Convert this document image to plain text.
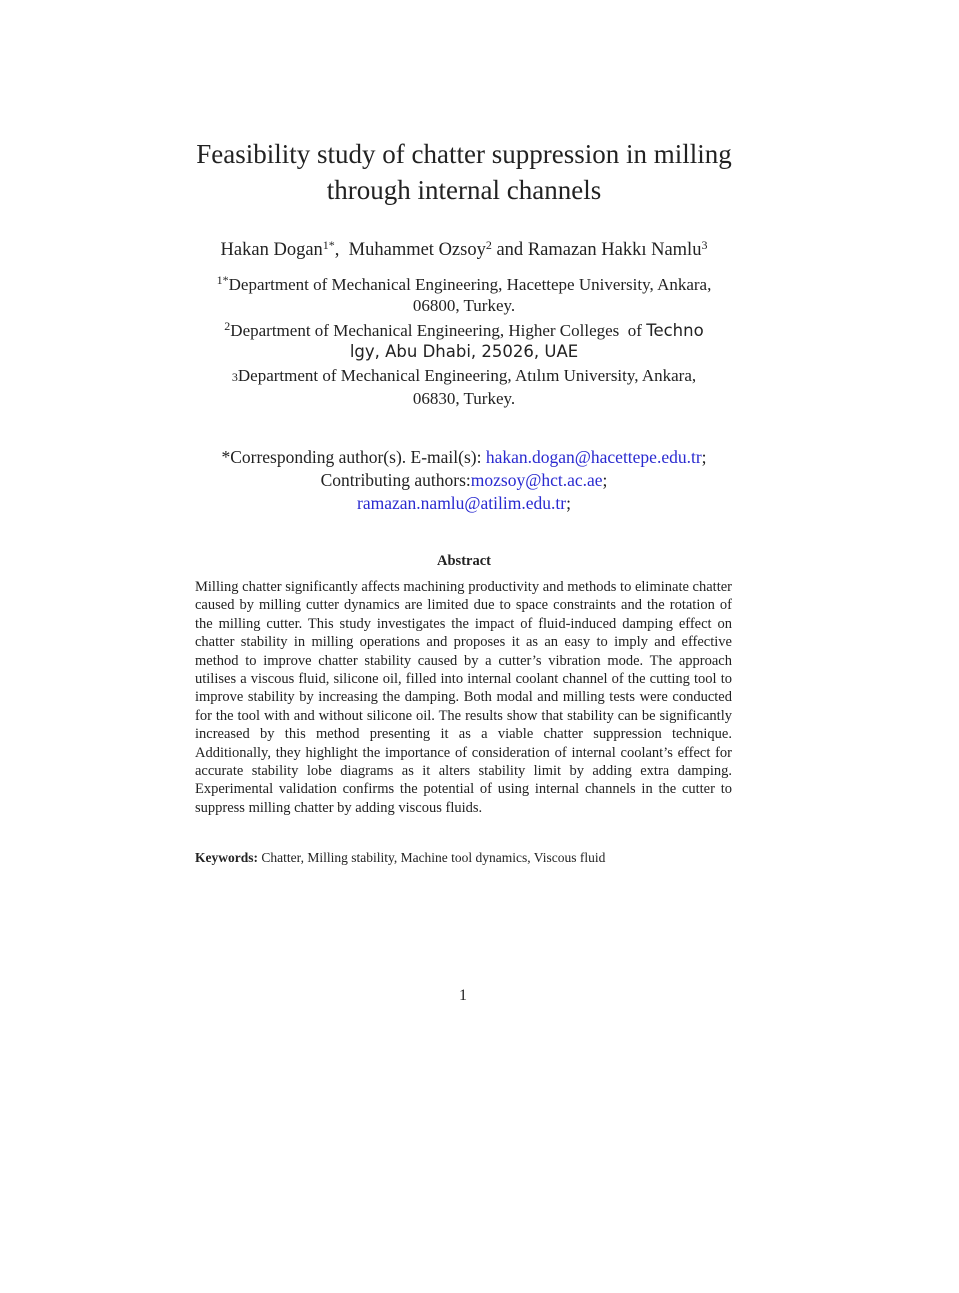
Feasibility study of chatter suppression in milling
through internal channels
Hakan Dogan$^{1*}$,  Muhammet Ozsoy$^2$ and Ramazan Hakkı Namlu$^3$
$^{1*}$Department of Mechanical Engineering, Hacettepe University, Ankara,
06800, Turkey.
$^2$Department of Mechanical Engineering, Higher Colleges  of Techno
lgy, Abu Dhabi, 25026, UAE
3Department of Mechanical Engineering, Atılım University, Ankara,
06830, Turkey.
*Corresponding author(s). E-mail(s): hakan.dogan@hacettepe.edu.tr;
Contributing authors:mozsoy@hct.ac.ae;
ramazan.namlu@atilim.edu.tr;
Abstract
Milling chatter significantly affects machining productivity and methods to eliminate chatter caused by milling cutter dynamics are limited due to space constraints and the rotation of the milling cutter. This study investigates the impact of fluid-induced damping effect on chatter stability in milling operations and proposes it as an easy to imply and effective method to improve chatter stability caused by a cutter’s vibration mode. The approach utilises a viscous fluid, silicone oil, filled into internal coolant channel of the cutting tool to improve stability by increasing the damping. Both modal and milling tests were conducted for the tool with and without silicone oil. The results show that stability can be significantly increased by this method presenting it as a viable chatter suppression technique. Additionally, they highlight the importance of consideration of internal coolant’s effect for accurate stability lobe diagrams as it alters stability limit by adding extra damping. Experimental validation confirms the potential of using internal channels in the cutter to suppress milling chatter by adding viscous fluids.
Keywords: Chatter, Milling stability, Machine tool dynamics, Viscous fluid
1
